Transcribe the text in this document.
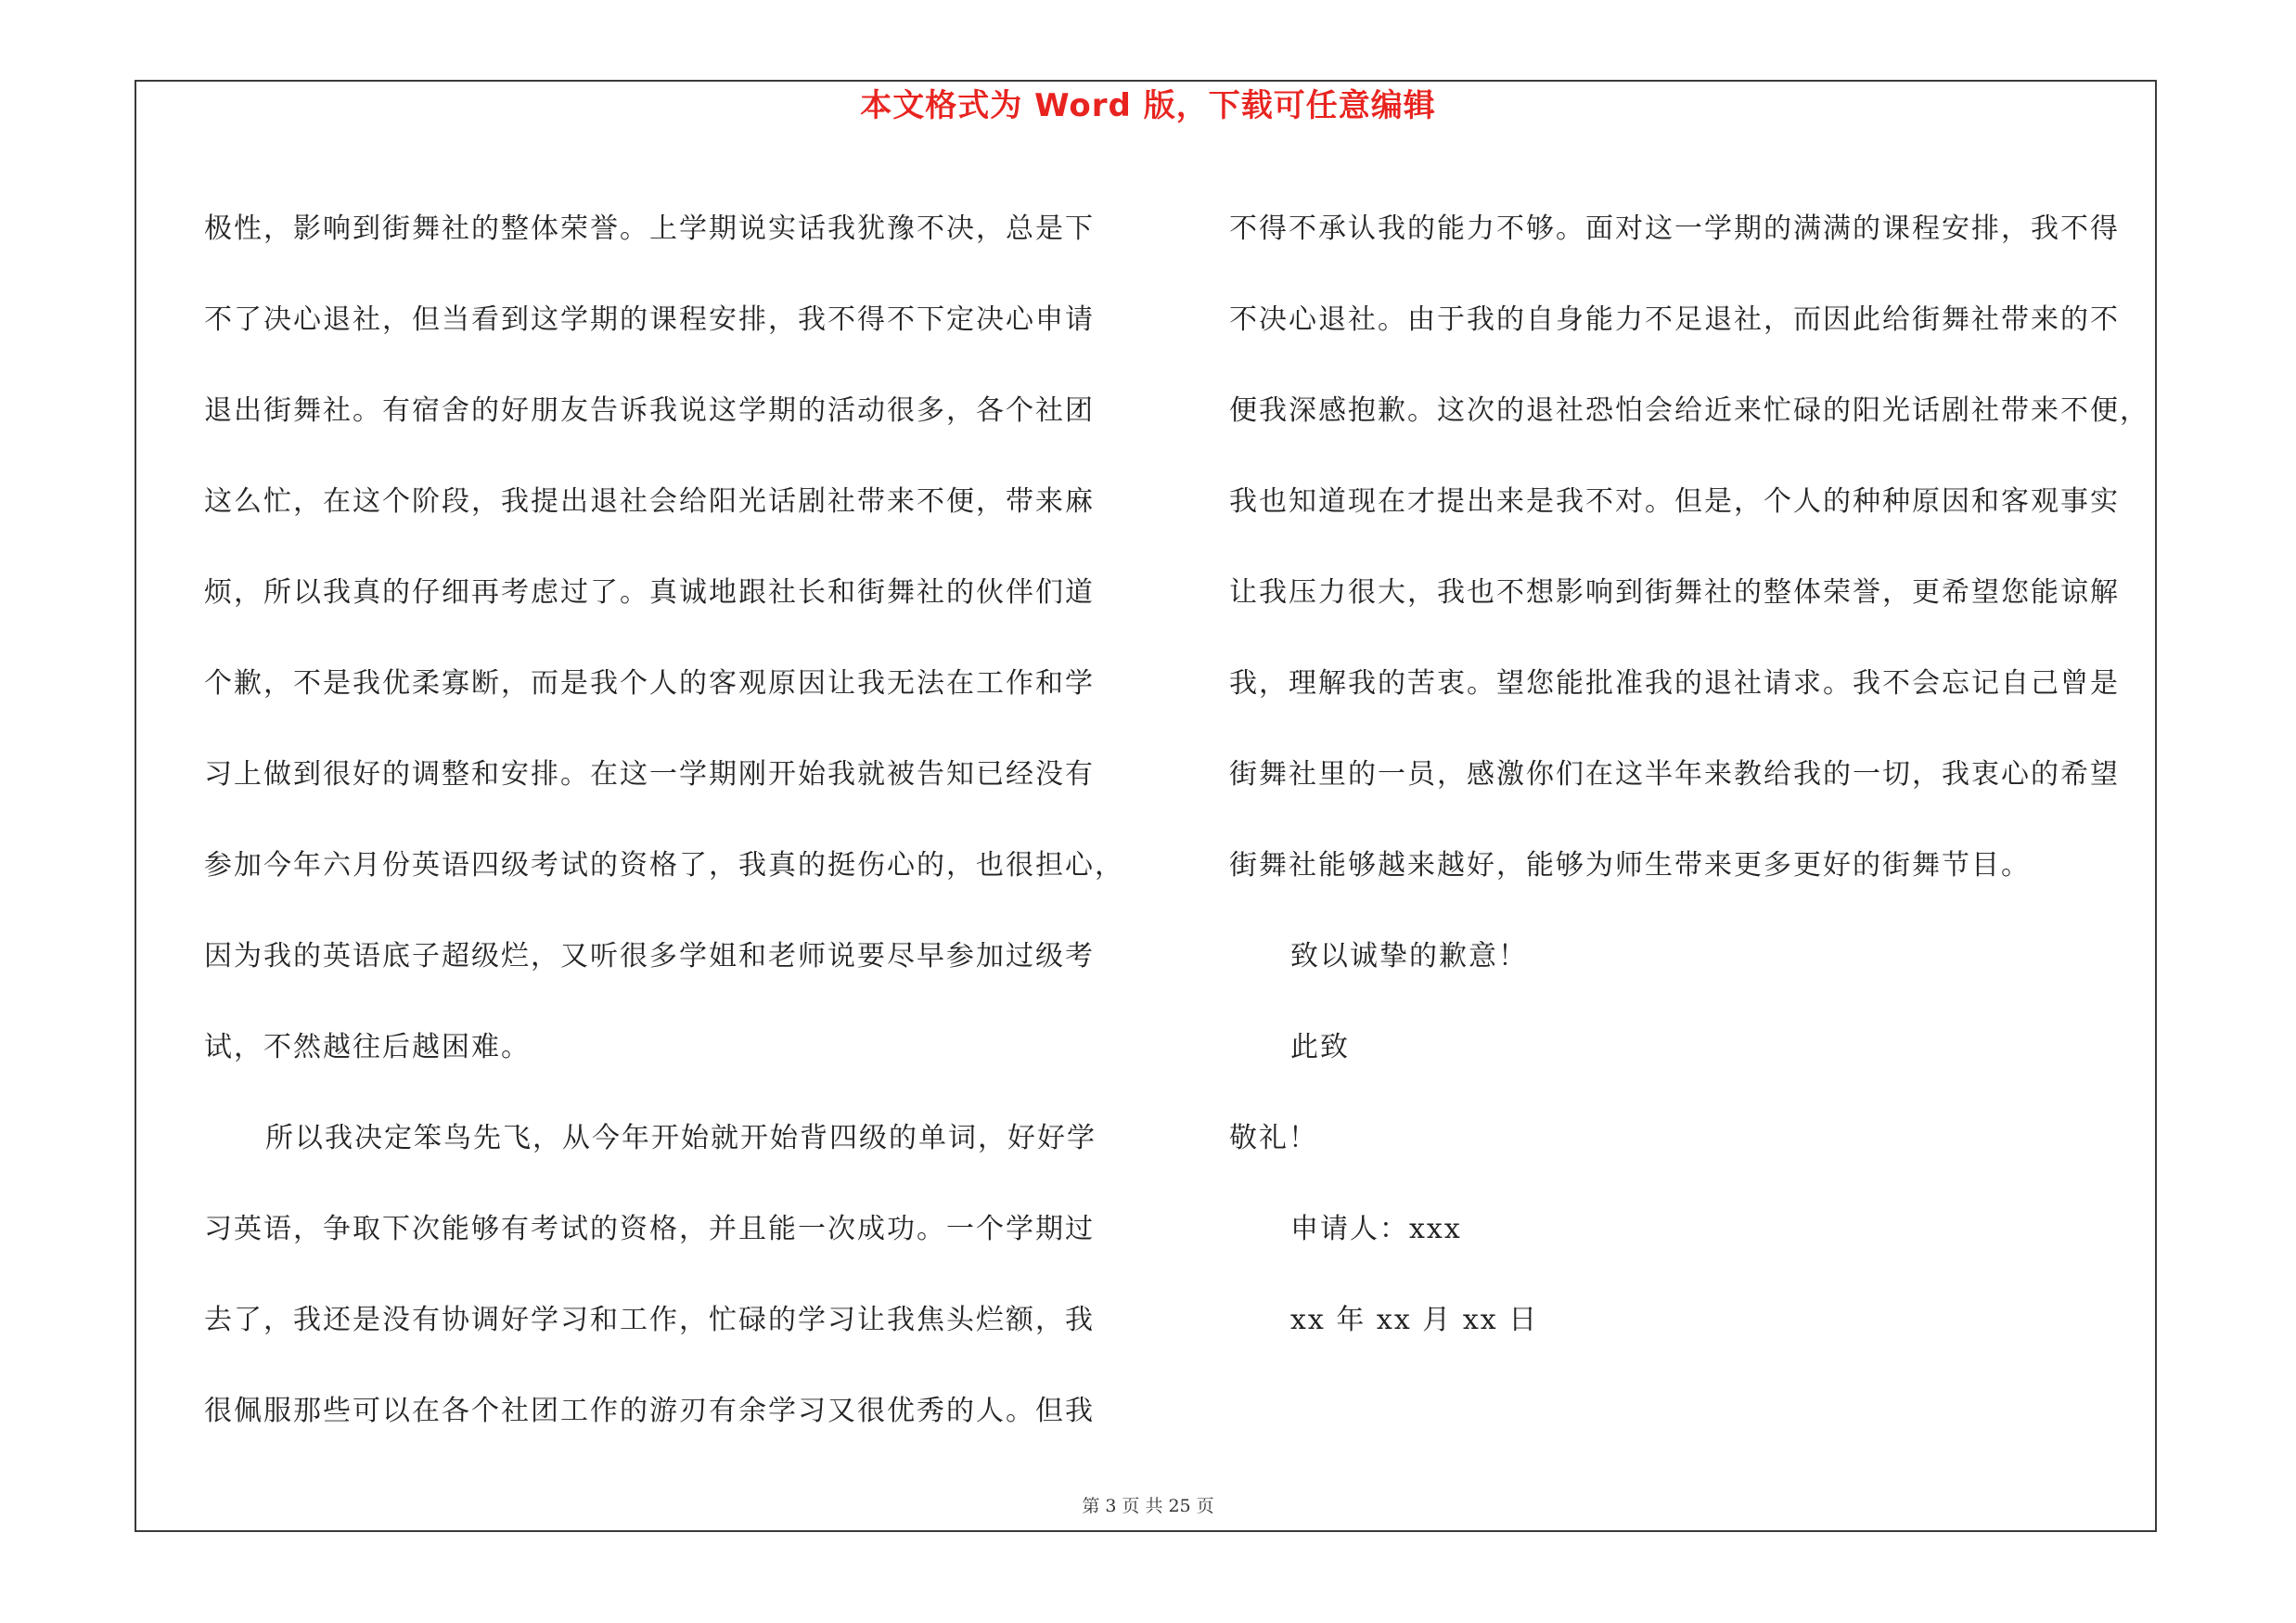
本文格式为 Word 版，下载可任意编辑
极性，影响到街舞社的整体荣誉。上学期说实话我犹豫不决，总是下
不了决心退社，但当看到这学期的课程安排，我不得不下定决心申请
退出街舞社。有宿舍的好朋友告诉我说这学期的活动很多，各个社团
这么忙，在这个阶段，我提出退社会给阳光话剧社带来不便，带来麻
烦，所以我真的仔细再考虑过了。真诚地跟社长和街舞社的伙伴们道
个歉，不是我优柔寡断，而是我个人的客观原因让我无法在工作和学
习上做到很好的调整和安排。在这一学期刚开始我就被告知已经没有
参加今年六月份英语四级考试的资格了，我真的挺伤心的，也很担心，
因为我的英语底子超级烂，又听很多学姐和老师说要尽早参加过级考
试，不然越往后越困难。
所以我决定笨鸟先飞，从今年开始就开始背四级的单词，好好学
习英语，争取下次能够有考试的资格，并且能一次成功。一个学期过
去了，我还是没有协调好学习和工作，忙碌的学习让我焦头烂额，我
很佩服那些可以在各个社团工作的游刃有余学习又很优秀的人。但我
不得不承认我的能力不够。面对这一学期的满满的课程安排，我不得
不决心退社。由于我的自身能力不足退社，而因此给街舞社带来的不
便我深感抱歉。这次的退社恐怕会给近来忙碌的阳光话剧社带来不便，
我也知道现在才提出来是我不对。但是，个人的种种原因和客观事实
让我压力很大，我也不想影响到街舞社的整体荣誉，更希望您能谅解
我，理解我的苦衷。望您能批准我的退社请求。我不会忘记自己曾是
街舞社里的一员，感激你们在这半年来教给我的一切，我衷心的希望
街舞社能够越来越好，能够为师生带来更多更好的街舞节目。
致以诚挚的歉意！
此致
敬礼！
申请人：xxx
xx 年 xx 月 xx 日
第 3 页 共 25 页
